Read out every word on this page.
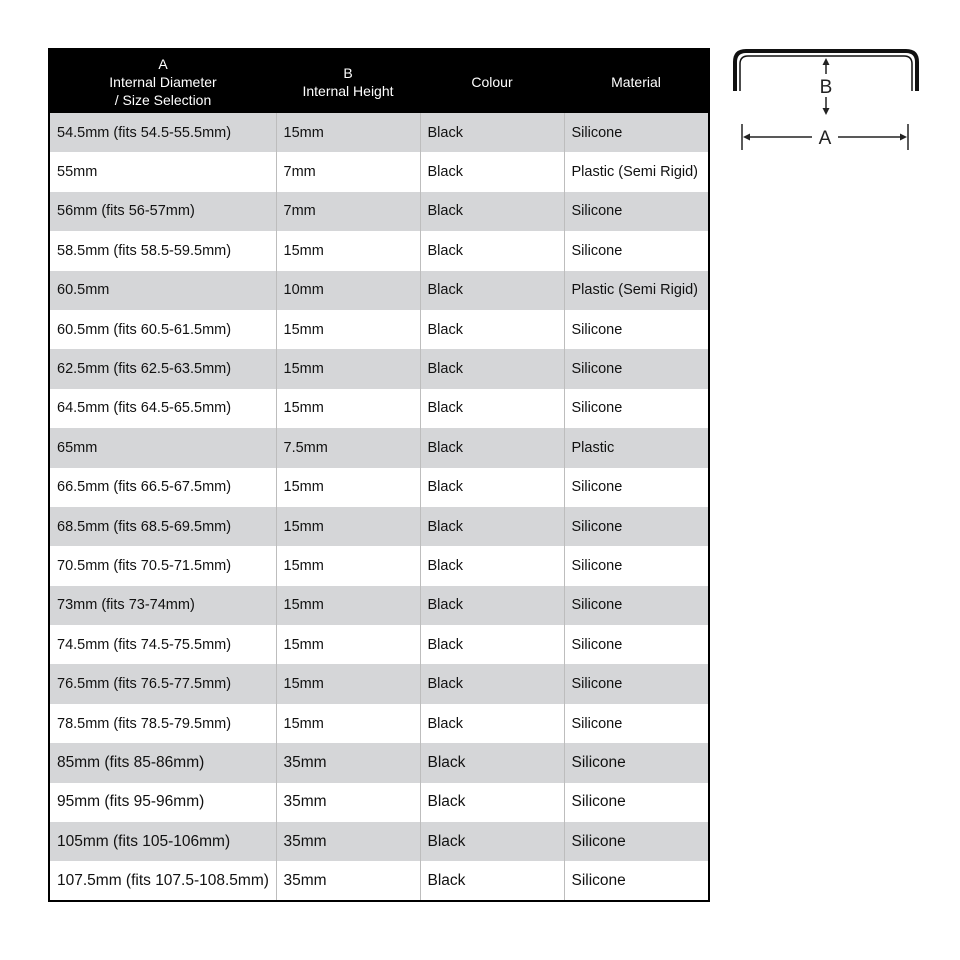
A
Internal Diameter
/ Size Selection	B
Internal Height	Colour	Material

54.5mm (fits 54.5-55.5mm)	15mm	Black	Silicone
55mm	7mm	Black	Plastic (Semi Rigid)
56mm (fits 56-57mm)	7mm	Black	Silicone
58.5mm (fits 58.5-59.5mm)	15mm	Black	Silicone
60.5mm	10mm	Black	Plastic (Semi Rigid)
60.5mm (fits 60.5-61.5mm)	15mm	Black	Silicone
62.5mm (fits 62.5-63.5mm)	15mm	Black	Silicone
64.5mm (fits 64.5-65.5mm)	15mm	Black	Silicone
65mm	7.5mm	Black	Plastic
66.5mm (fits 66.5-67.5mm)	15mm	Black	Silicone
68.5mm (fits 68.5-69.5mm)	15mm	Black	Silicone
70.5mm (fits 70.5-71.5mm)	15mm	Black	Silicone
73mm (fits 73-74mm)	15mm	Black	Silicone
74.5mm (fits 74.5-75.5mm)	15mm	Black	Silicone
76.5mm (fits 76.5-77.5mm)	15mm	Black	Silicone
78.5mm (fits 78.5-79.5mm)	15mm	Black	Silicone
85mm (fits 85-86mm)	35mm	Black	Silicone
95mm (fits 95-96mm)	35mm	Black	Silicone
105mm (fits 105-106mm)	35mm	Black	Silicone
107.5mm (fits 107.5-108.5mm)	35mm	Black	Silicone
B
A
